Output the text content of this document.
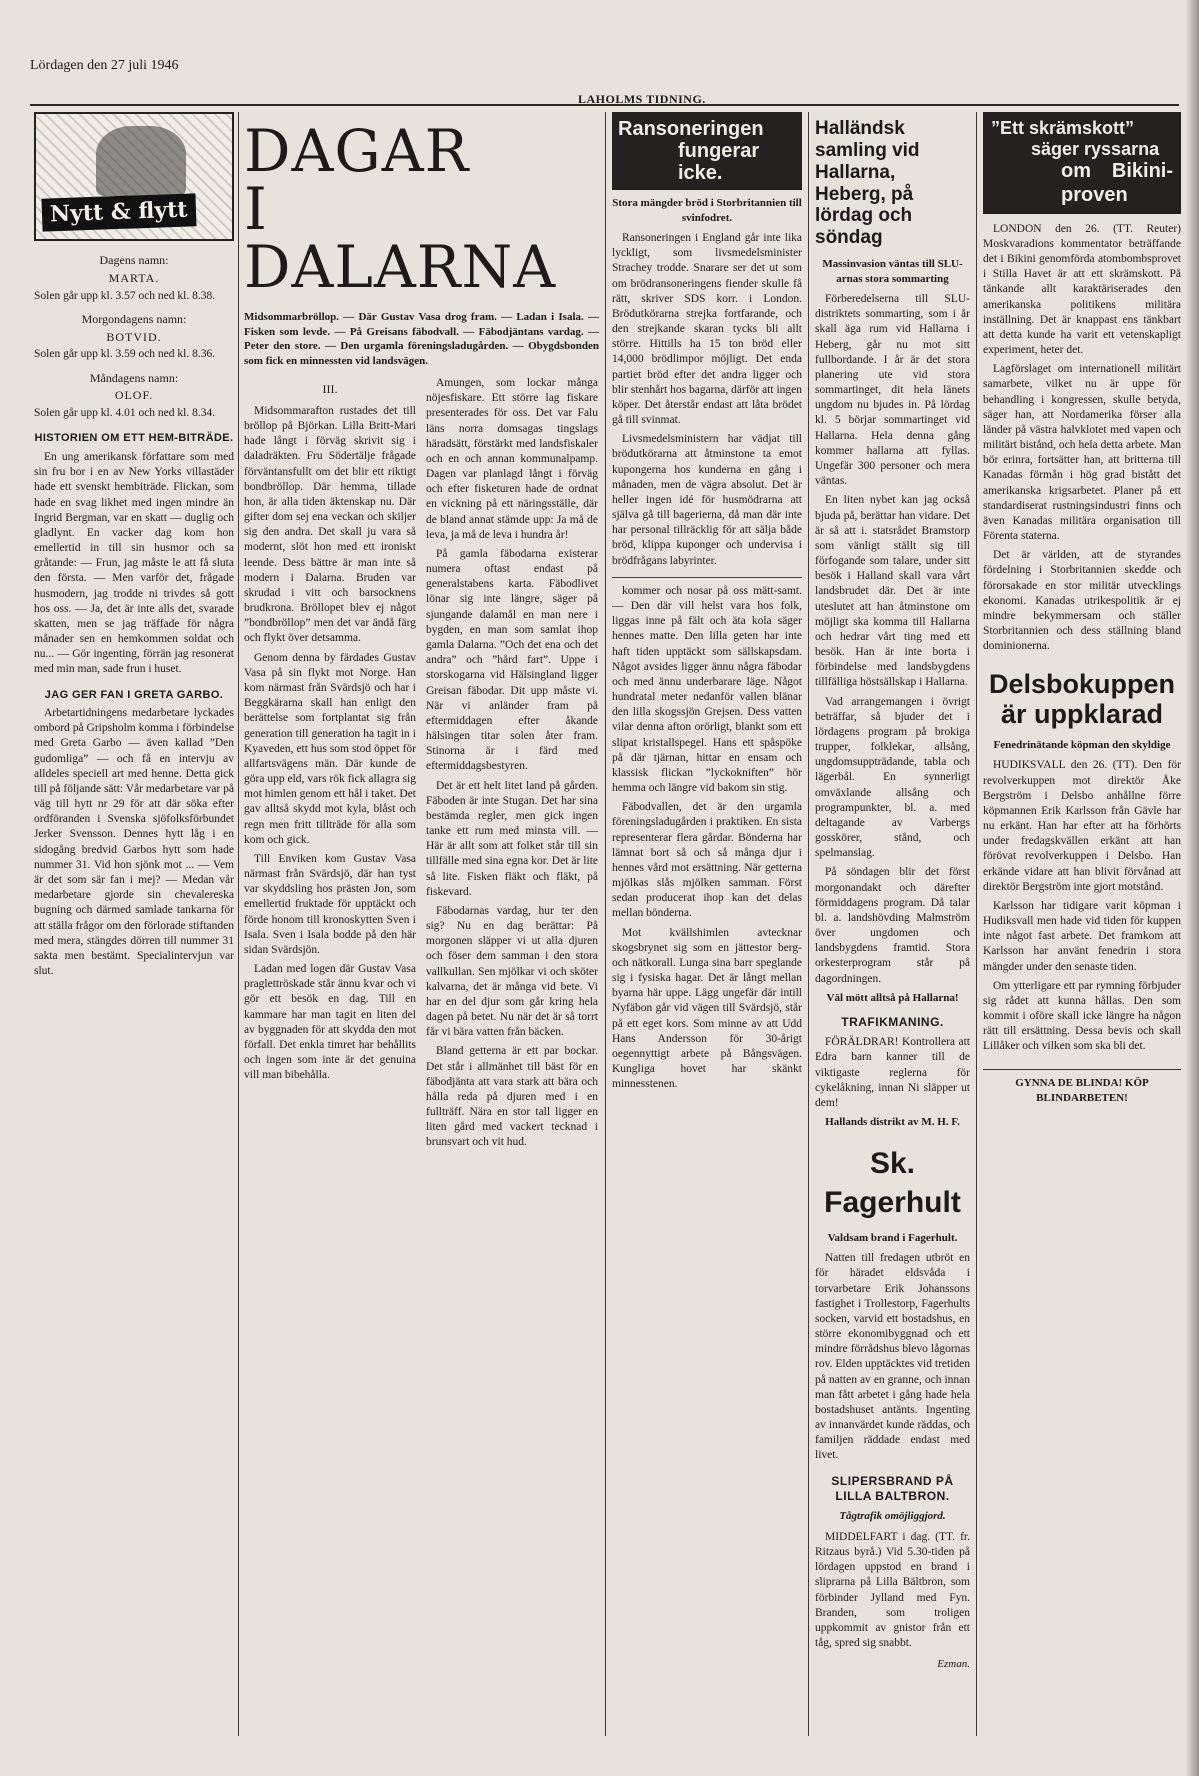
Lördagen den 27 juli 1946
LAHOLMS TIDNING.
Nytt & flytt
Dagens namn:
MARTA.
Solen går upp kl. 3.57 och ned kl. 8.38.
Morgondagens namn:
BOTVID.
Solen går upp kl. 3.59 och ned kl. 8.36.
Måndagens namn:
OLOF.
Solen går upp kl. 4.01 och ned kl. 8.34.
HISTORIEN OM ETT HEM-BITRÄDE.

En ung amerikansk författare som med sin fru bor i en av New Yorks villastäder hade ett svenskt hembiträde. Flickan, som hade en svag likhet med ingen mindre än Ingrid Bergman, var en skatt — duglig och gladlynt. En vacker dag kom hon emellertid in till sin husmor och sa gråtande: — Frun, jag måste le att få sluta den första. — Men varför det, frågade husmodern, jag trodde ni trivdes så gott hos oss. — Ja, det är inte alls det, svarade skatten, men se jag träffade för några månader sen en hemkommen soldat och nu... — Gör ingenting, förrän jag resonerat med min man, sade frun i huset.

JAG GER FAN I GRETA GARBO.

Arbetartidningens medarbetare lyckades ombord på Gripsholm komma i förbindelse med Greta Garbo — även kallad ”Den gudomliga” — och få en intervju av alldeles speciell art med henne. Detta gick till på följande sätt: Vår medarbetare var på väg till hytt nr 29 för att där söka efter ordföranden i Svenska sjöfolksförbundet Jerker Svensson. Dennes hytt låg i en sidogång bredvid Garbos hytt som hade nummer 31. Vid hon sjönk mot ... — Vem är det som sär fan i mej? — Medan vår medarbetare gjorde sin chevalereska bugning och därmed samlade tankarna för att ställa frågor om den förlorade stiftanden med mera, stängdes dörren till nummer 31 sakta men bestämt. Specialintervjun var slut.

DAGAR
I DALARNA
Midsommarbröllop. — Där Gustav Vasa drog fram. — Ladan i Isala. — Fisken som levde. — På Greisans fäbodvall. — Fäbodjäntans vardag. — Peter den store. — Den urgamla föreningsladugården. — Obygdsbonden som fick en minnessten vid landsvägen.
III.

Midsommarafton rustades det till bröllop på Björkan. Lilla Britt-Mari hade långt i förväg skrivit sig i daladräkten. Fru Södertälje frågade förväntansfullt om det blir ett riktigt bondbröllop. Där hemma, tillade hon, är alla tiden äktenskap nu. Där gifter dom sej ena veckan och skiljer sig den andra. Det skall ju vara så modernt, slöt hon med ett ironiskt leende. Dess bättre är man inte så modern i Dalarna. Bruden var skrudad i vitt och barsocknens brudkrona. Bröllopet blev ej något ”bondbröllop” men det var ändå färg och flykt över detsamma.

Genom denna by färdades Gustav Vasa på sin flykt mot Norge. Han kom närmast från Svärdsjö och har i Beggkärarna skall han enligt den berättelse som fortplantat sig från generation till generation ha tagit in i Kyaveden, ett hus som stod öppet för allfartsvägens män. Där kunde de göra upp eld, vars rök fick allagra sig mot himlen genom ett hål i taket. Det gav alltså skydd mot kyla, blåst och regn men fritt tillträde för alla som kom och gick.

Till Enviken kom Gustav Vasa närmast från Svärdsjö, där han tyst var skyddsling hos prästen Jon, som emellertid fruktade för upptäckt och förde honom till kronoskytten Sven i Isala. Sven i Isala bodde på den här sidan Svärdsjön.

Ladan med logen där Gustav Vasa praglettröskade står ännu kvar och vi gör ett besök en dag. Till en kammare har man tagit en liten del av byggnaden för att skydda den mot förfall. Det enkla timret har behållits och ingen som inte är det genuina vill man bibehålla.

Amungen, som lockar många nöjesfiskare. Ett större lag fiskare presenterades för oss. Det var Falu läns norra domsagas tingslags häradsätt, förstärkt med landsfiskaler och en och annan kommunalpamp. Dagen var planlagd långt i förväg och efter fisketuren hade de ordnat en vickning på ett näringsställe, där de bland annat stämde upp: Ja må de leva, ja må de leva i hundra år!

På gamla fäbodarna existerar numera oftast endast på generalstabens karta. Fäbodlivet lönar sig inte längre, säger på sjungande dalamål en man nere i bygden, en man som samlat ihop gamla Dalarna. ”Och det ena och det andra” och ”hård fart”. Uppe i storskogarna vid Hälsingland ligger Greisan fäbodar. Dit upp måste vi. När vi anländer fram på eftermiddagen efter åkande hälsingen titar solen åter fram. Stinorna är i färd med eftermiddagsbestyren.

Det är ett helt litet land på gården. Fäboden är inte Stugan. Det har sina bestämda regler, men gick ingen tanke ett rum med minsta vill. — Här är allt som att folket står till sin tillfälle med sina egna kor. Det är lite så lite. Fisken fläkt och fläkt, på fiskevard.

Fäbodarnas vardag, hur ter den sig? Nu en dag berättar: På morgonen släpper vi ut alla djuren och föser dem samman i den stora vallkullan. Sen mjölkar vi och sköter kalvarna, det är många vid bete. Vi har en del djur som går kring hela dagen på betet. Nu när det är så torrt får vi bära vatten från bäcken.

Bland getterna är ett par bockar. Det står i allmänhet till bäst för en fäbodjänta att vara stark att bära och hålla reda på djuren med i en fullträff. Nära en stor tall ligger en liten gård med vackert tecknad i brunsvart och vit hud.

Ransoneringen
fungerar icke.
Stora mängder bröd i Storbritannien till svinfodret.

Ransoneringen i England går inte lika lyckligt, som livsmedelsminister Strachey trodde. Snarare ser det ut som om brödransoneringens fiender skulle få rätt, skriver SDS korr. i London. Brödutkörarna strejka fortfarande, och den strejkande skaran tycks bli allt större. Hittills ha 15 ton bröd eller 14,000 brödlimpor möjligt. Det enda partiet bröd efter det andra ligger och blir stenhårt hos bagarna, därför att ingen köper. Det återstår endast att låta brödet gå till svinmat.

Livsmedelsministern har vädjat till brödutkörarna att åtminstone ta emot kupongerna hos kunderna en gång i månaden, men de vägra absolut. Det är heller ingen idé för husmödrarna att själva gå till bagerierna, då man där inte har personal tillräcklig för att sälja både bröd, klippa kuponger och undervisa i brödfrågans labyrinter.

kommer och nosar på oss mätt-samt. — Den där vill helst vara hos folk, liggas inne på fält och äta kola säger hennes matte. Den lilla geten har inte haft tiden upptäckt som sällskapsdam. Något avsides ligger ännu några fäbodar och med ännu underbarare läge. Något hundratal meter nedanför vallen blänar den lilla skogssjön Grejsen. Dess vatten vilar denna afton orörligt, blankt som ett slipat kristallspegel. Hans ett spåspöke på där tjärnan, hittar en ensam och klassisk flickan ”lyckokniften” hör hemma och längre vid bakom sin stig.

Fäbodvallen, det är den urgamla föreningsladugården i praktiken. En sista representerar flera gårdar. Bönderna har lämnat bort så och så många djur i hennes vård mot ersättning. När getterna mjölkas slås mjölken samman. Först sedan producerat ihop kan det delas mellan bönderna.

Mot kvällshimlen avtecknar skogsbrynet sig som en jättestor berg- och nätkorall. Lunga sina barr speglande sig i fysiska hagar. Det är långt mellan byarna här uppe. Lägg ungefär där intill Nyfäbon går vid vägen till Svärdsjö, står på ett eget kors. Som minne av att Udd Hans Andersson för 30-årigt oegennyttigt arbete på Bångsvägen. Kungliga hovet har skänkt minnesstenen.

Halländsk samling vid Hallarna, Heberg, på lördag och söndag
Massinvasion väntas till SLU-arnas stora sommarting

Förberedelserna till SLU-distriktets sommarting, som i år skall äga rum vid Hallarna i Heberg, går nu mot sitt fullbordande. I år är det stora planering ute vid stora sommartinget, dit hela länets ungdom nu bjudes in. På lördag kl. 5 börjar sommartinget vid Hallarna. Hela denna gång kommer hallarna att fyllas. Ungefär 300 personer och mera väntas.

En liten nybet kan jag också bjuda på, berättar han vidare. Det är så att i. statsrådet Bramstorp som vänligt ställt sig till förfogande som talare, under sitt besök i Halland skall vara vårt landsbrudet där. Det är inte uteslutet att han åtminstone om möjligt ska komma till Hallarna och hedrar vårt ting med ett besök. Han är inte borta i förbindelse med landsbygdens tillfälliga höstsällskap i Hallarna.

Vad arrangemangen i övrigt beträffar, så bjuder det i lördagens program på brokiga trupper, folklekar, allsång, ungdomsuppträdande, tabla och lägerbål. En synnerligt omväxlande allsång och programpunkter, bl. a. med deltagande av Varbergs gosskörer, stånd, och spelmanslag.

På söndagen blir det först morgonandakt och därefter förmiddagens program. Då talar bl. a. landshövding Malmström över ungdomen och landsbygdens framtid. Stora orkesterprogram står på dagordningen.

Väl mött alltså på Hallarna!
TRAFIKMANING.

FÖRÄLDRAR! Kontrollera att Edra barn kanner till de viktigaste reglerna för cykelåkning, innan Ni släpper ut dem!

Hallands distrikt av M. H. F.
Sk. Fagerhult
Valdsam brand i Fagerhult.

Natten till fredagen utbröt en för häradet eldsvåda i torvarbetare Erik Johanssons fastighet i Trollestorp, Fagerhults socken, varvid ett bostadshus, en större ekonomibyggnad och ett mindre förrådshus blevo lågornas rov. Elden upptäcktes vid tretiden på natten av en granne, och innan man fått arbetet i gång hade hela bostadshuset antänts. Ingenting av innanvärdet kunde räddas, och familjen räddade endast med livet.

SLIPERSBRAND PÅ LILLA BALTBRON.
Tågtrafik omöjliggjord.

MIDDELFART i dag. (TT. fr. Ritzaus byrå.) Vid 5.30-tiden på lördagen uppstod en brand i sliprarna på Lilla Bältbron, som förbinder Jylland med Fyn. Branden, som troligen uppkommit av gnistor från ett tåg, spred sig snabbt.

Ezman.
”Ett skrämskott”
säger ryssarna
om Bikini-proven

LONDON den 26. (TT. Reuter) Moskvaradions kommentator beträffande det i Bikini genomförda atombombsprovet i Stilla Havet är att ett skrämskott. På tänkande allt karaktäriserades den amerikanska politikens militära inställning. Det är knappast ens tänkbart att detta kunde ha varit ett vetenskapligt experiment, heter det.

Lagförslaget om internationell militärt samarbete, vilket nu är uppe för behandling i kongressen, skulle betyda, säger han, att Nordamerika förser alla länder på västra halvklotet med vapen och militärt bistånd, och hela detta arbete. Man bör erinra, fortsätter han, att britterna till Kanadas förmån i hög grad bistått det amerikanska krigsarbetet. Planer på ett standardiserat rustningsindustri finns och även Kanadas militära organisation till Förenta staterna.

Det är världen, att de styrandes fördelning i Storbritannien skedde och förorsakade en stor militär utvecklings ekonomi. Kanadas utrikespolitik är ej mindre bekymmersam och ställer Storbritannien och dess ställning bland dominionerna.

Delsbokuppen
är uppklarad
Fenedrinätande köpman den skyldige

HUDIKSVALL den 26. (TT). Den för revolverkuppen mot direktör Åke Bergström i Delsbo anhållne förre köpmannen Erik Karlsson från Gävle har nu erkänt. Han har efter att ha förhörts under fredagskvällen erkänt att han förövat revolverkuppen i Delsbo. Han erkände vidare att han blivit förvånad att direktör Bergström inte gjort motstånd.

Karlsson har tidigare varit köpman i Hudiksvall men hade vid tiden för kuppen inte något fast arbete. Det framkom att Karlsson har använt fenedrin i stora mängder under den senaste tiden.

Om ytterligare ett par rymning förbjuder sig rådet att kunna hållas. Den som kommit i oföre skall icke längre ha någon rätt till ersättning. Dessa bevis och skall Lillåker och vilken som ska bli det.

GYNNA DE BLINDA! KÖP BLINDARBETEN!
